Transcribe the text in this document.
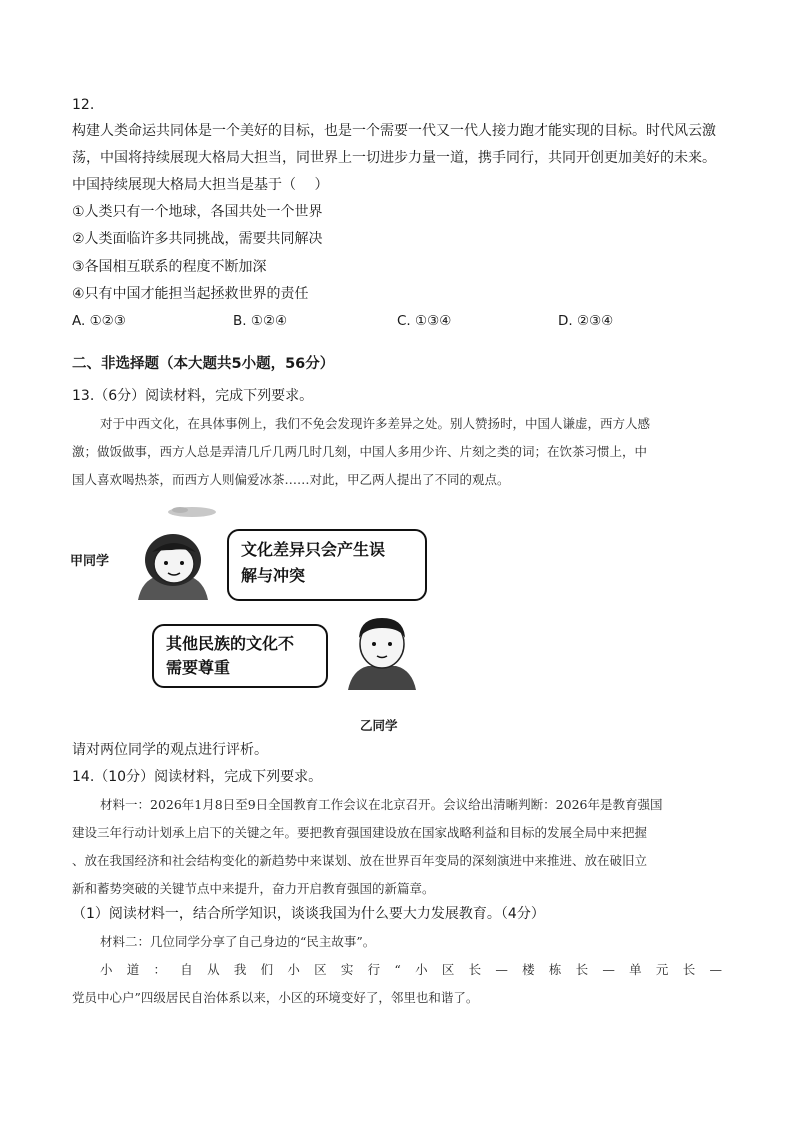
12.
构建人类命运共同体是一个美好的目标，也是一个需要一代又一代人接力跑才能实现的目标。时代风云激
荡，中国将持续展现大格局大担当，同世界上一切进步力量一道，携手同行，共同开创更加美好的未来。
中国持续展现大格局大担当是基于（　 ）
①人类只有一个地球，各国共处一个世界
②人类面临许多共同挑战，需要共同解决
③各国相互联系的程度不断加深
④只有中国才能担当起拯救世界的责任
A. ①②③	B. ①②④	C. ①③④	D. ②③④
二、非选择题（本大题共5小题，56分）
13.（6分）阅读材料，完成下列要求。
对于中西文化，在具体事例上，我们不免会发现许多差异之处。别人赞扬时，中国人谦虚，西方人感
激；做饭做事，西方人总是弄清几斤几两几时几刻，中国人多用少许、片刻之类的词；在饮茶习惯上，中
国人喜欢喝热茶，而西方人则偏爱冰茶……对此，甲乙两人提出了不同的观点。
甲同学
文化差异只会产生误
解与冲突
其他民族的文化不
需要尊重
乙同学
请对两位同学的观点进行评析。
14.（10分）阅读材料，完成下列要求。
材料一：2026年1月8日至9日全国教育工作会议在北京召开。会议给出清晰判断：2026年是教育强国
建设三年行动计划承上启下的关键之年。要把教育强国建设放在国家战略利益和目标的发展全局中来把握
、放在我国经济和社会结构变化的新趋势中来谋划、放在世界百年变局的深刻演进中来推进、放在破旧立
新和蓄势突破的关键节点中来提升，奋力开启教育强国的新篇章。
（1）阅读材料一，结合所学知识，谈谈我国为什么要大力发展教育。（4分）
材料二：几位同学分享了自己身边的“民主故事”。
小 道 ： 自 从 我 们 小 区 实 行 “ 小 区 长 — 楼 栋 长 — 单 元 长 —
党员中心户”四级居民自治体系以来，小区的环境变好了，邻里也和谐了。
